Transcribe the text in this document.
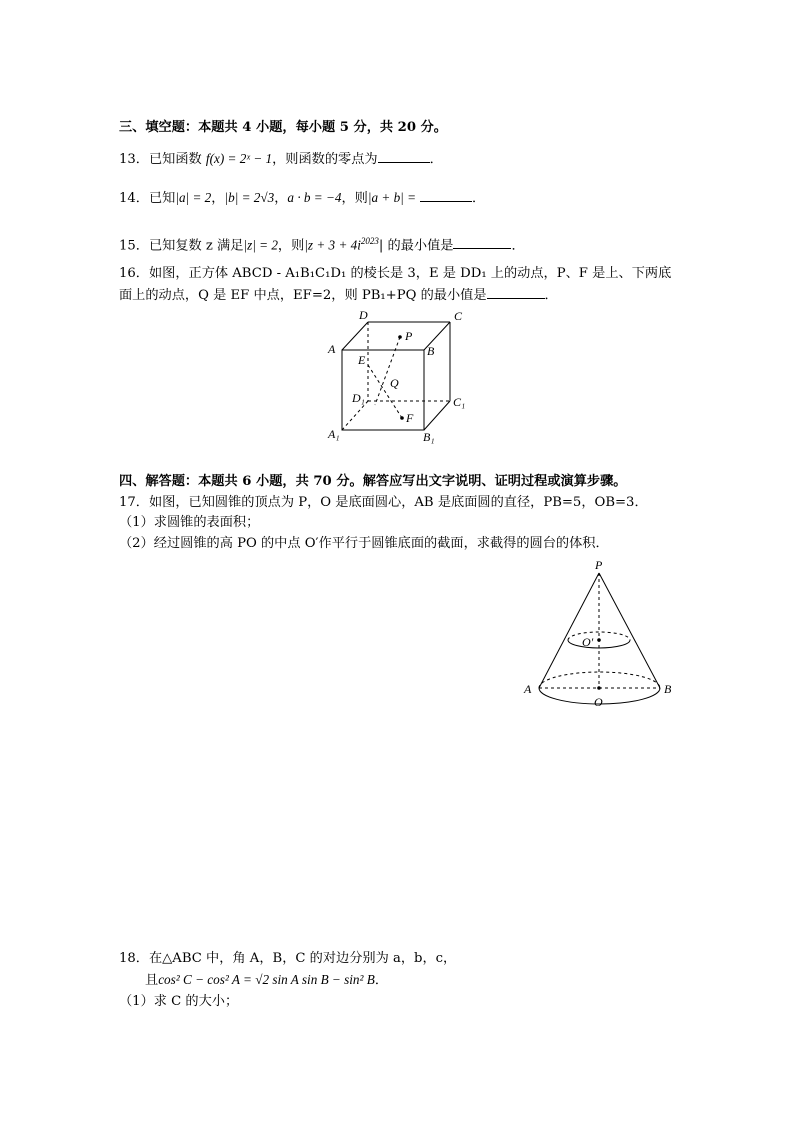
三、填空题：本题共 4 小题，每小题 5 分，共 20 分。
13．已知函数 f(x) = 2ˣ − 1，则函数的零点为	．
14．已知|a| = 2，|b| = 2√3，a · b = −4，则|a + b| =	．
15．已知复数 z 满足|z| = 2，则$|z + 3 + 4i^{2023}|$ 的最小值是	．
16．如图，正方体 ABCD - A₁B₁C₁D₁ 的棱长是 3，E 是 DD₁ 上的动点，P、F 是上、下两底
面上的动点，Q 是 EF 中点，EF=2，则 PB₁+PQ 的最小值是	．
D	C
A	B
E
P
Q
D₁	C₁
F
A₁	B₁
四、解答题：本题共 6 小题，共 70 分。解答应写出文字说明、证明过程或演算步骤。
17．如图，已知圆锥的顶点为 P，O 是底面圆心，AB 是底面圆的直径，PB=5，OB=3．
（1）求圆锥的表面积；
（2）经过圆锥的高 PO 的中点 O′作平行于圆锥底面的截面，求截得的圆台的体积．
P
O′
A	B
O
18．在△ABC 中，角 A，B，C 的对边分别为 a，b，c，
且cos² C − cos² A = √2 sin A sin B − sin² B．
（1）求 C 的大小；
